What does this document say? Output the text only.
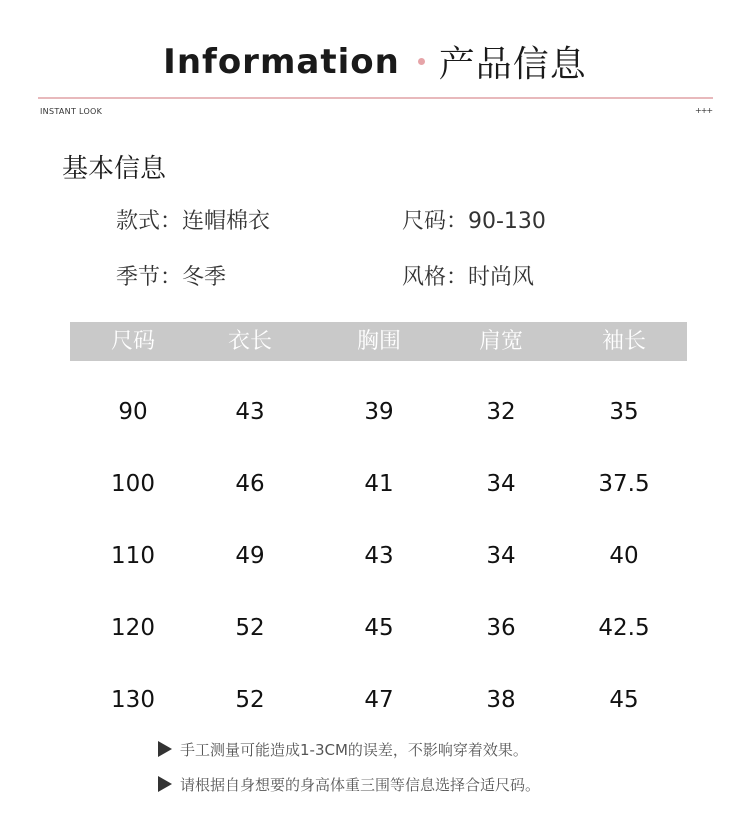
Information 产品信息
INSTANT LOOK	+++
基本信息
款式：连帽棉衣	尺码：90-130
季节：冬季	风格：时尚风
尺码	衣长	胸围	肩宽	袖长
90	43	39	32	35
100	46	41	34	37.5
110	49	43	34	40
120	52	45	36	42.5
130	52	47	38	45
手工测量可能造成1-3CM的误差，不影响穿着效果。
请根据自身想要的身高体重三围等信息选择合适尺码。
